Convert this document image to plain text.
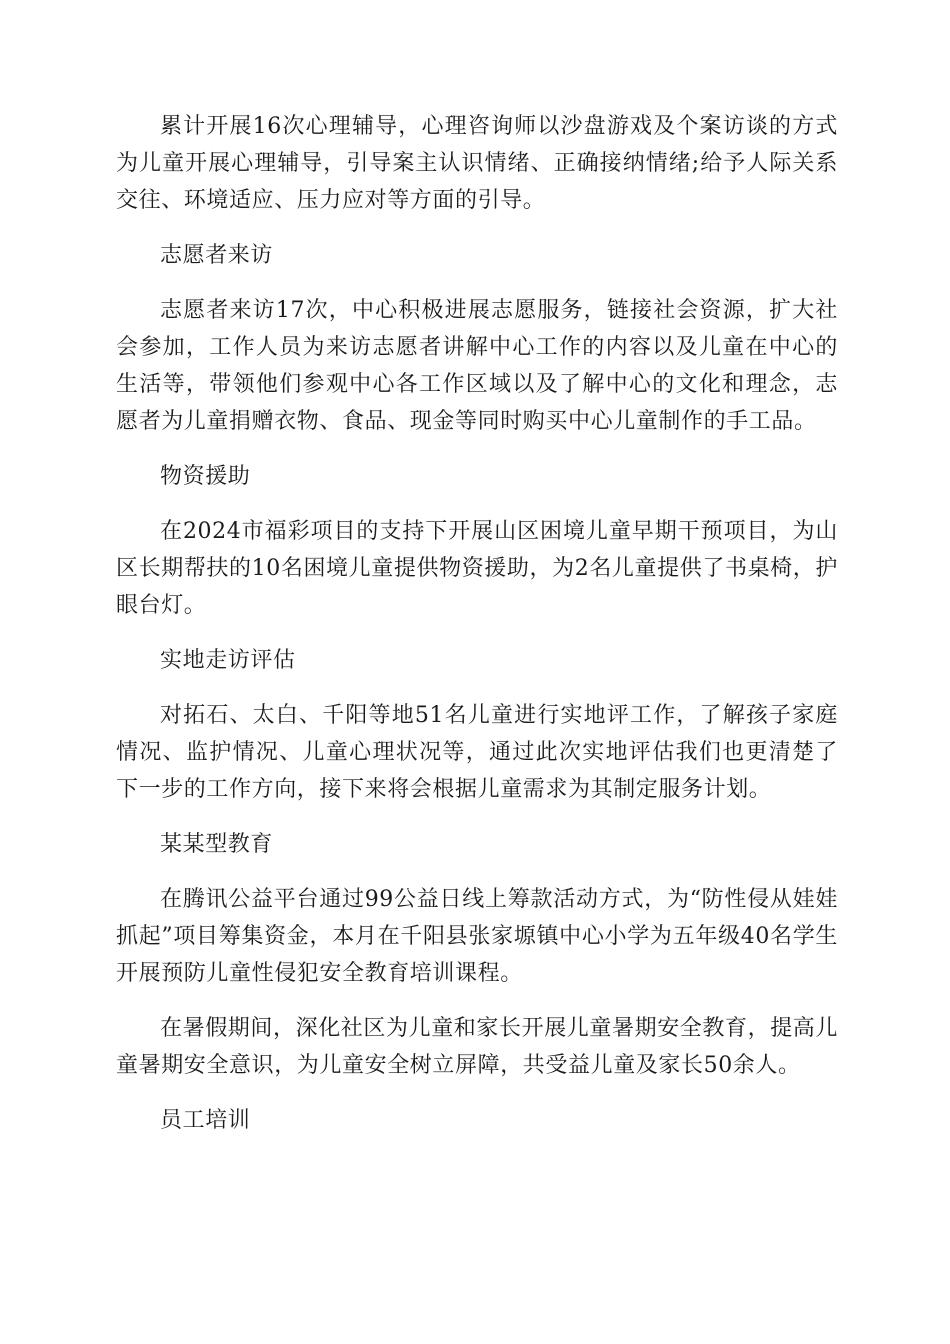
累计开展16次心理辅导，心理咨询师以沙盘游戏及个案访谈的方式为儿童开展心理辅导，引导案主认识情绪、正确接纳情绪;给予人际关系交往、环境适应、压力应对等方面的引导。

志愿者来访

志愿者来访17次，中心积极进展志愿服务，链接社会资源，扩大社会参加，工作人员为来访志愿者讲解中心工作的内容以及儿童在中心的生活等，带领他们参观中心各工作区域以及了解中心的文化和理念，志愿者为儿童捐赠衣物、食品、现金等同时购买中心儿童制作的手工品。

物资援助

在2024市福彩项目的支持下开展山区困境儿童早期干预项目，为山区长期帮扶的10名困境儿童提供物资援助，为2名儿童提供了书桌椅，护眼台灯。

实地走访评估

对拓石、太白、千阳等地51名儿童进行实地评工作，了解孩子家庭情况、监护情况、儿童心理状况等，通过此次实地评估我们也更清楚了下一步的工作方向，接下来将会根据儿童需求为其制定服务计划。

某某型教育

在腾讯公益平台通过99公益日线上筹款活动方式，为“防性侵从娃娃抓起”项目筹集资金，本月在千阳县张家塬镇中心小学为五年级40名学生开展预防儿童性侵犯安全教育培训课程。

在暑假期间，深化社区为儿童和家长开展儿童暑期安全教育，提高儿童暑期安全意识，为儿童安全树立屏障，共受益儿童及家长50余人。

员工培训
